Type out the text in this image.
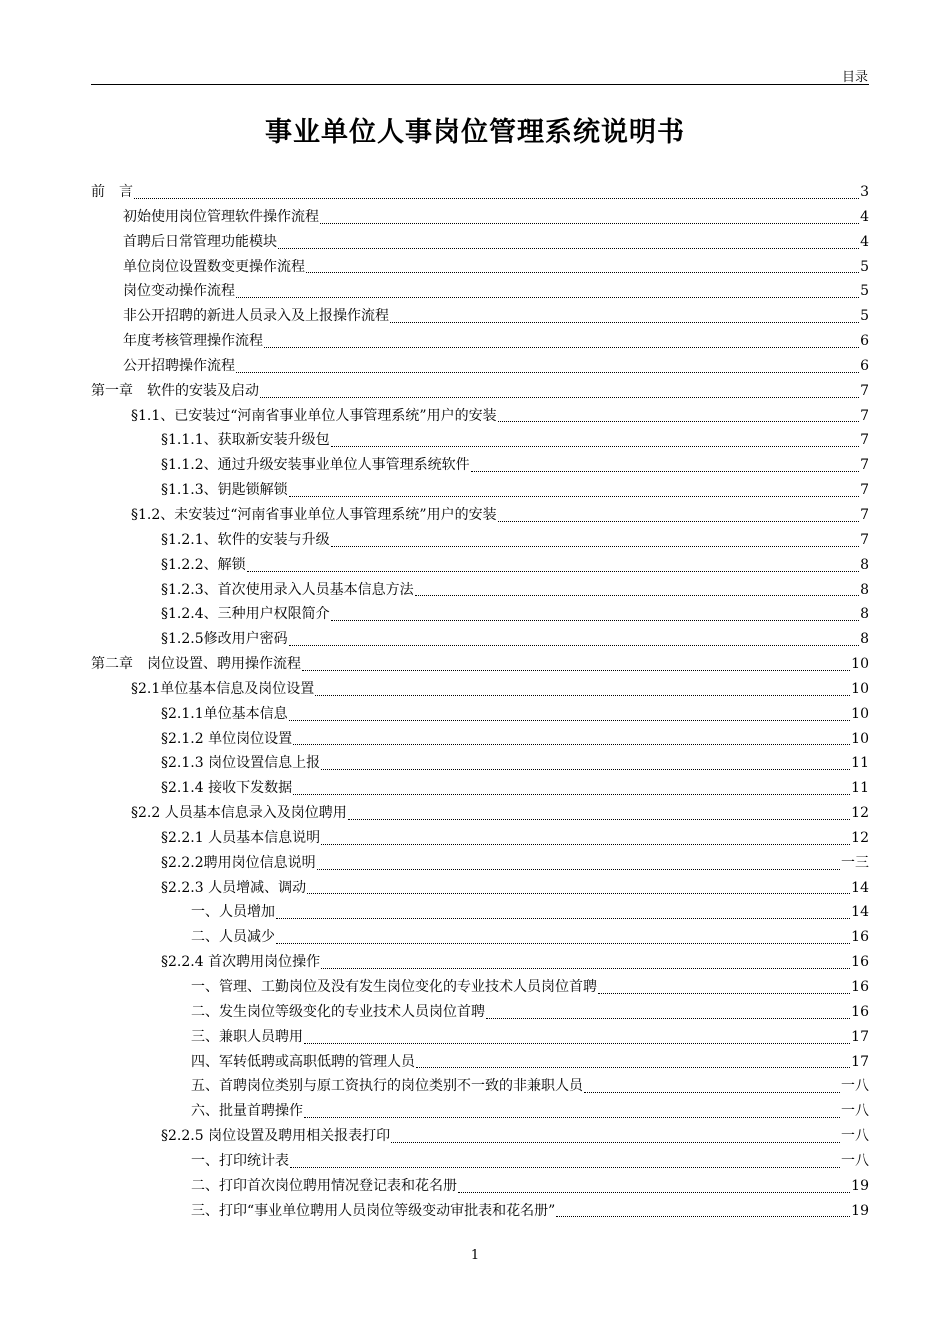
目录
事业单位人事岗位管理系统说明书
前　言	3
初始使用岗位管理软件操作流程	4
首聘后日常管理功能模块	4
单位岗位设置数变更操作流程	5
岗位变动操作流程	5
非公开招聘的新进人员录入及上报操作流程	5
年度考核管理操作流程	6
公开招聘操作流程	6
第一章　软件的安装及启动	7
§1.1、已安装过“河南省事业单位人事管理系统”用户的安装	7
§1.1.1、获取新安装升级包	7
§1.1.2、通过升级安装事业单位人事管理系统软件	7
§1.1.3、钥匙锁解锁	7
§1.2、未安装过“河南省事业单位人事管理系统”用户的安装	7
§1.2.1、软件的安装与升级	7
§1.2.2、解锁	8
§1.2.3、首次使用录入人员基本信息方法	8
§1.2.4、三种用户权限简介	8
§1.2.5修改用户密码	8
第二章　岗位设置、聘用操作流程	10
§2.1单位基本信息及岗位设置	10
§2.1.1单位基本信息	10
§2.1.2 单位岗位设置	10
§2.1.3 岗位设置信息上报	11
§2.1.4 接收下发数据	11
§2.2 人员基本信息录入及岗位聘用	12
§2.2.1 人员基本信息说明	12
§2.2.2聘用岗位信息说明	一三
§2.2.3 人员增减、调动	14
一、人员增加	14
二、人员减少	16
§2.2.4 首次聘用岗位操作	16
一、管理、工勤岗位及没有发生岗位变化的专业技术人员岗位首聘	16
二、发生岗位等级变化的专业技术人员岗位首聘	16
三、兼职人员聘用	17
四、军转低聘或高职低聘的管理人员	17
五、首聘岗位类别与原工资执行的岗位类别不一致的非兼职人员	一八
六、批量首聘操作	一八
§2.2.5 岗位设置及聘用相关报表打印	一八
一、打印统计表	一八
二、打印首次岗位聘用情况登记表和花名册	19
三、打印“事业单位聘用人员岗位等级变动审批表和花名册”	19
1
